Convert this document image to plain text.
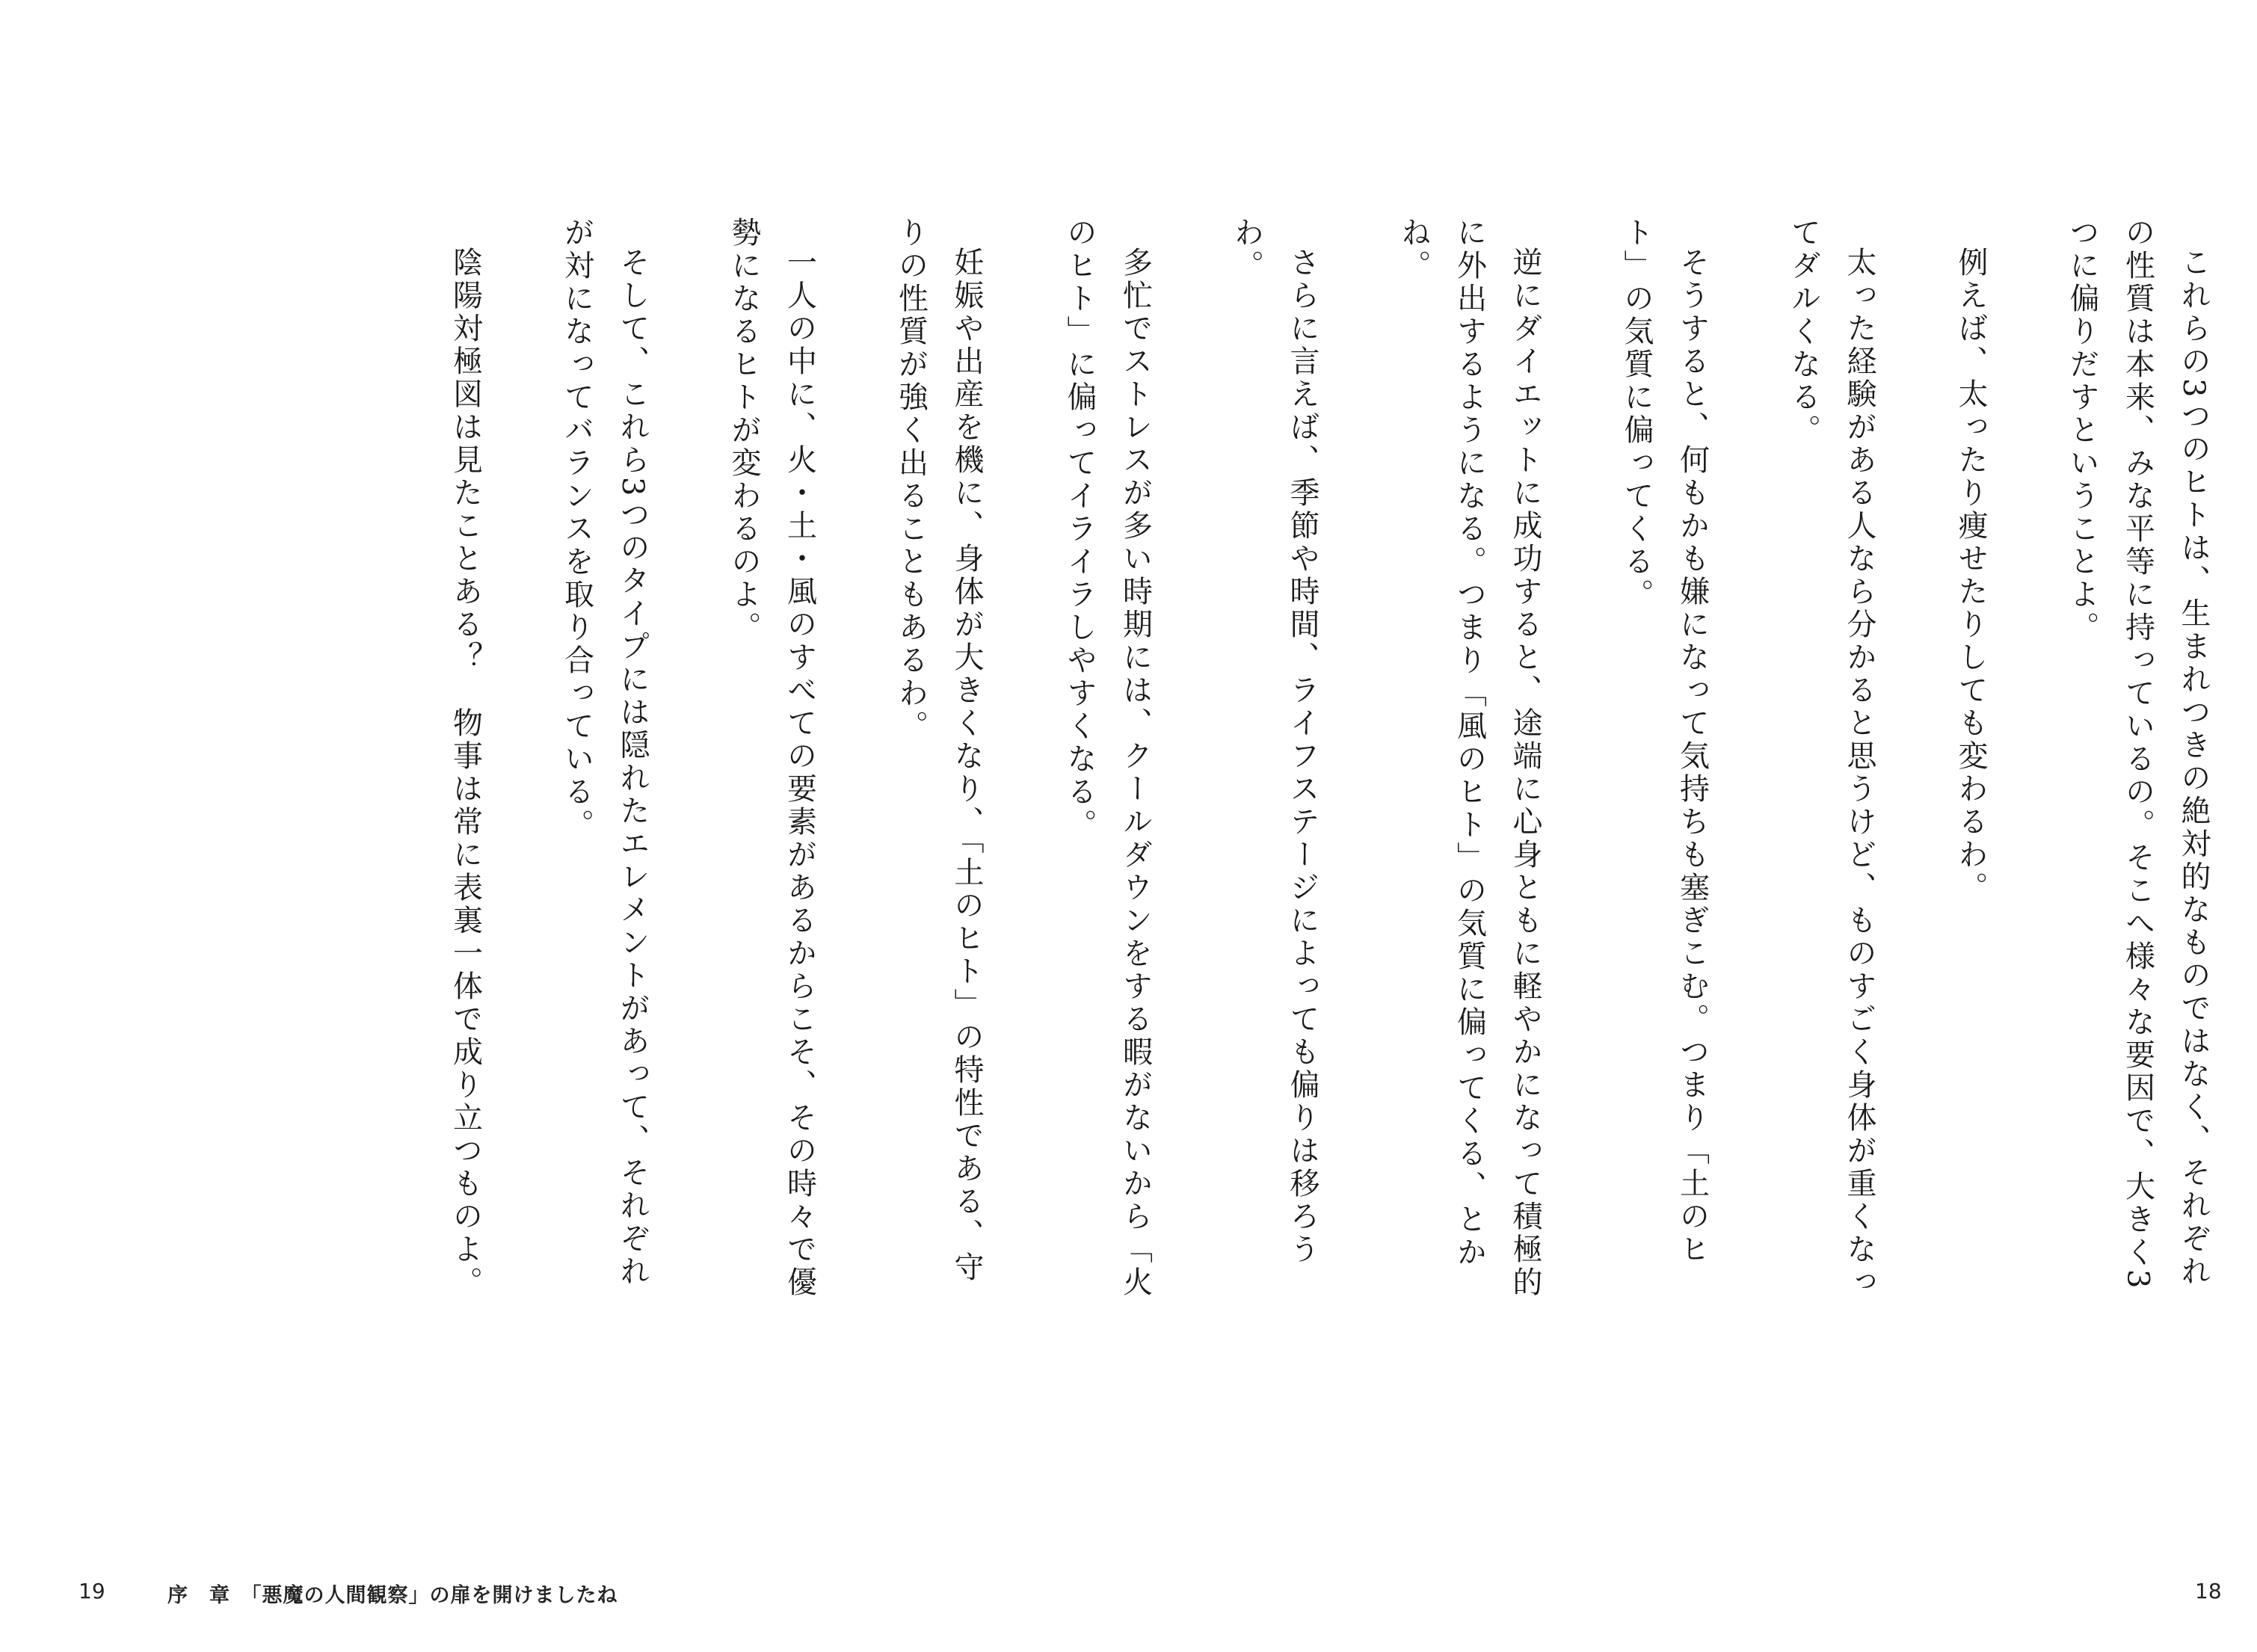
これらの3つのヒトは、生まれつきの絶対的なものではなく、それぞれの性質は本来、みな平等に持っているの。そこへ様々な要因で、大きく3つに偏りだすということよ。

例えば、太ったり痩せたりしても変わるわ。

太った経験がある人なら分かると思うけど、ものすごく身体が重くなってダルくなる。

そうすると、何もかも嫌になって気持ちも塞ぎこむ。つまり「土のヒト」の気質に偏ってくる。

逆にダイエットに成功すると、途端に心身ともに軽やかになって積極的に外出するようになる。つまり「風のヒト」の気質に偏ってくる、とかね。

さらに言えば、季節や時間、ライフステージによっても偏りは移ろうわ。

多忙でストレスが多い時期には、クールダウンをする暇がないから「火のヒト」に偏ってイライラしやすくなる。

18

妊娠や出産を機に、身体が大きくなり、「土のヒト」の特性である、守りの性質が強く出ることもあるわ。

一人の中に、火・土・風のすべての要素があるからこそ、その時々で優勢になるヒトが変わるのよ。

そして、これら3つのタイプには隠れたエレメントがあって、それぞれが対になってバランスを取り合っている。

陰陽対極図は見たことある？　物事は常に表裏一体で成り立つものよ。

19	序　章　「悪魔の人間観察」の扉を開けましたね
